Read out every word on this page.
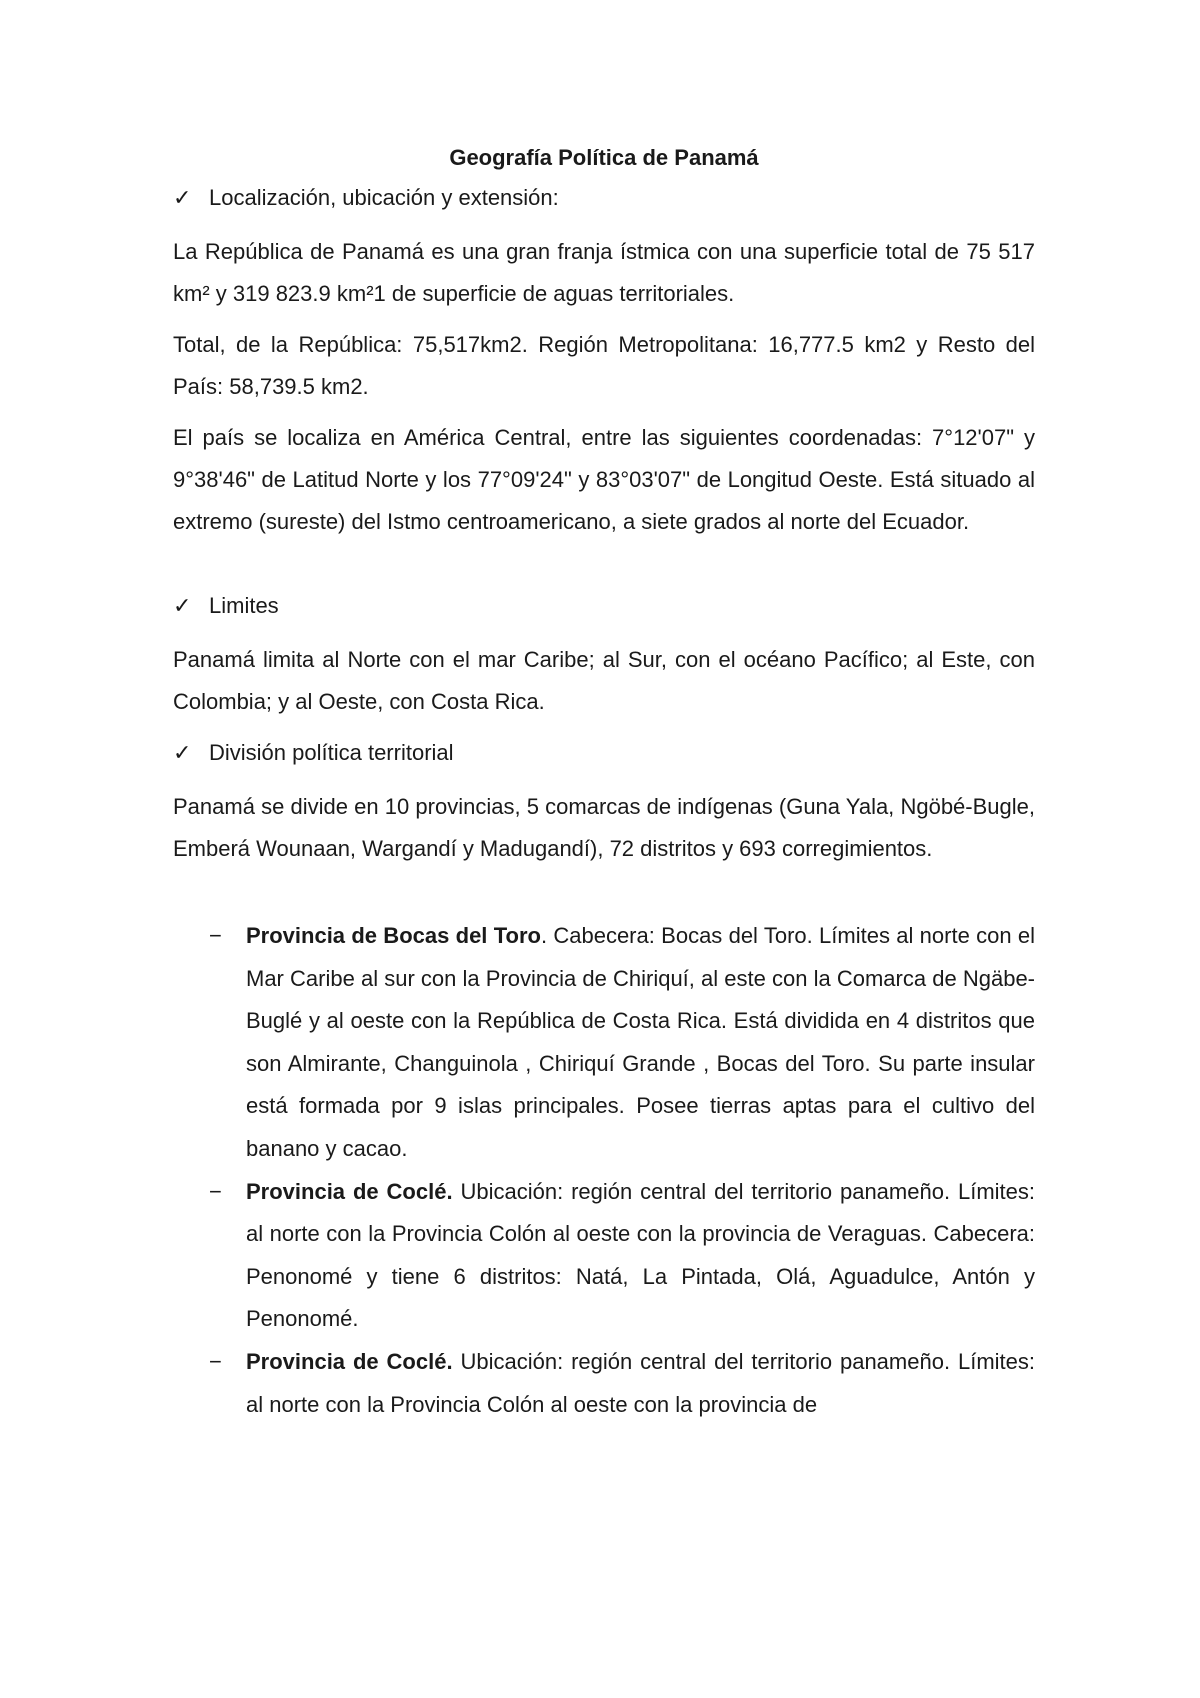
Geografía Política de Panamá
✓ Localización, ubicación y extensión:

La República de Panamá es una gran franja ístmica con una superficie total de 75 517 km² y 319 823.9 km²1 de superficie de aguas territoriales.

Total, de la República: 75,517km2. Región Metropolitana: 16,777.5 km2 y Resto del País: 58,739.5 km2.

El país se localiza en América Central, entre las siguientes coordenadas: 7°12'07" y 9°38'46" de Latitud Norte y los 77°09'24" y 83°03'07" de Longitud Oeste. Está situado al extremo (sureste) del Istmo centroamericano, a siete grados al norte del Ecuador.

✓ Limites

Panamá limita al Norte con el mar Caribe; al Sur, con el océano Pacífico; al Este, con Colombia; y al Oeste, con Costa Rica.

✓ División política territorial

Panamá se divide en 10 provincias, 5 comarcas de indígenas (Guna Yala, Ngöbé-Bugle, Emberá Wounaan, Wargandí y Madugandí), 72 distritos y 693 corregimientos.

− Provincia de Bocas del Toro. Cabecera: Bocas del Toro. Límites al norte con el Mar Caribe al sur con la Provincia de Chiriquí, al este con la Comarca de Ngäbe-Buglé y al oeste con la República de Costa Rica. Está dividida en 4 distritos que son Almirante, Changuinola , Chiriquí Grande , Bocas del Toro. Su parte insular está formada por 9 islas principales. Posee tierras aptas para el cultivo del banano y cacao.
− Provincia de Coclé. Ubicación: región central del territorio panameño. Límites: al norte con la Provincia Colón al oeste con la provincia de Veraguas. Cabecera: Penonomé y tiene 6 distritos: Natá, La Pintada, Olá, Aguadulce, Antón y Penonomé.
− Provincia de Coclé. Ubicación: región central del territorio panameño. Límites: al norte con la Provincia Colón al oeste con la provincia de
